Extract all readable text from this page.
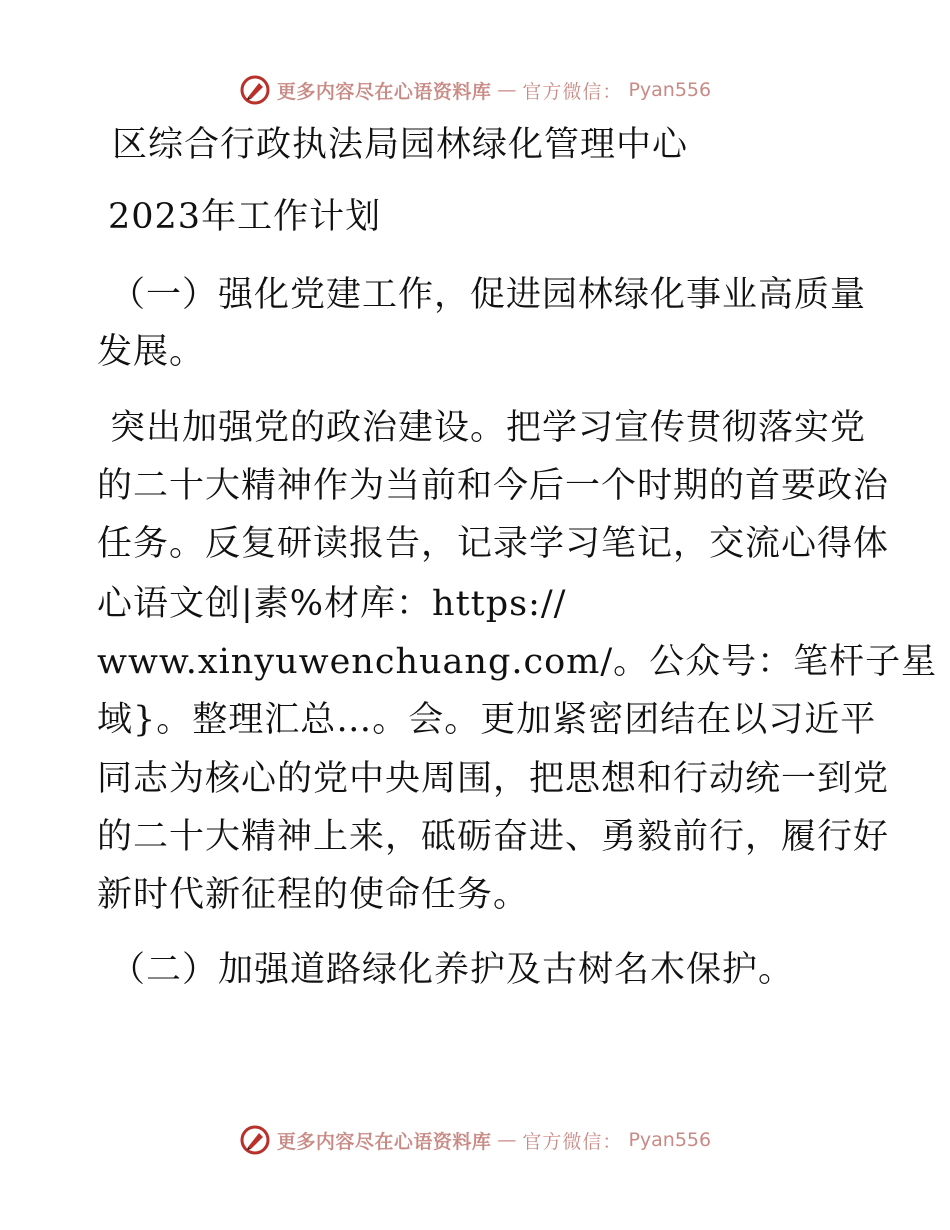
更多内容尽在心语资料库 — 官方微信： Pyan556
区综合行政执法局园林绿化管理中心
2023年工作计划
（一）强化党建工作，促进园林绿化事业高质量
发展。
突出加强党的政治建设。把学习宣传贯彻落实党
的二十大精神作为当前和今后一个时期的首要政治
任务。反复研读报告，记录学习笔记，交流心得体
心语文创|素%材库：https://
www.xinyuwenchuang.com/。公众号：笔杆子星
域}。整理汇总…。会。更加紧密团结在以习近平
同志为核心的党中央周围，把思想和行动统一到党
的二十大精神上来，砥砺奋进、勇毅前行，履行好
新时代新征程的使命任务。
（二）加强道路绿化养护及古树名木保护。
更多内容尽在心语资料库 — 官方微信： Pyan556
